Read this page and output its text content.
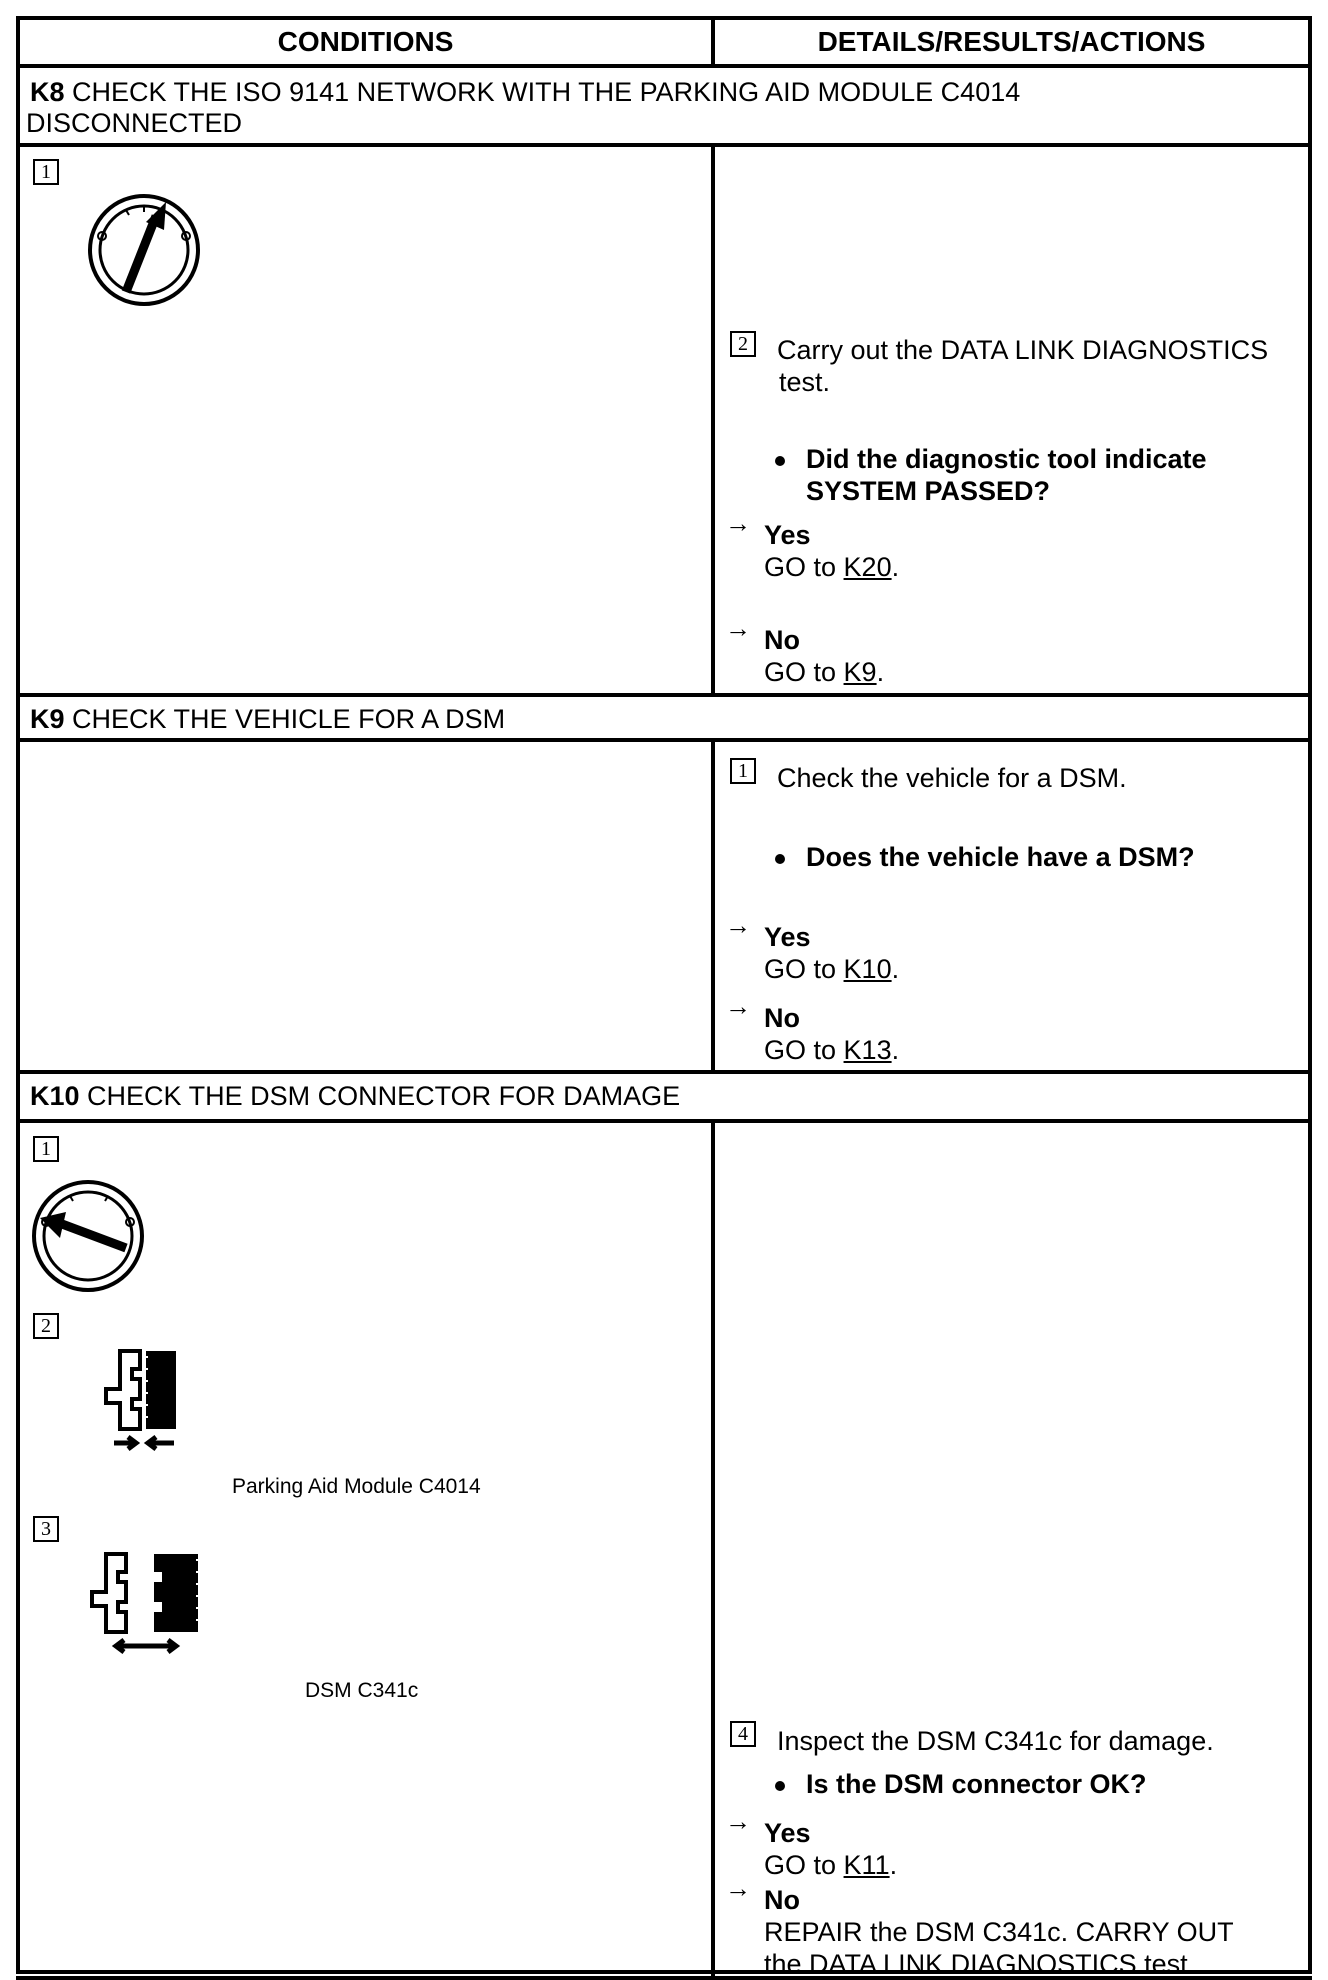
CONDITIONS	DETAILS/RESULTS/ACTIONS
K8 CHECK THE ISO 9141 NETWORK WITH THE PARKING AID MODULE C4014
DISCONNECTED
1
2 Carry out the DATA LINK DIAGNOSTICS
test.
Did the diagnostic tool indicate
SYSTEM PASSED?
→ Yes
GO to K20.
→ No
GO to K9.
K9 CHECK THE VEHICLE FOR A DSM
1 Check the vehicle for a DSM.
Does the vehicle have a DSM?
→ Yes
GO to K10.
→ No
GO to K13.
K10 CHECK THE DSM CONNECTOR FOR DAMAGE
1
2
Parking Aid Module C4014
3
DSM C341c
4 Inspect the DSM C341c for damage.
Is the DSM connector OK?
→ Yes
GO to K11.
→ No
REPAIR the DSM C341c. CARRY OUT
the DATA LINK DIAGNOSTICS test.
